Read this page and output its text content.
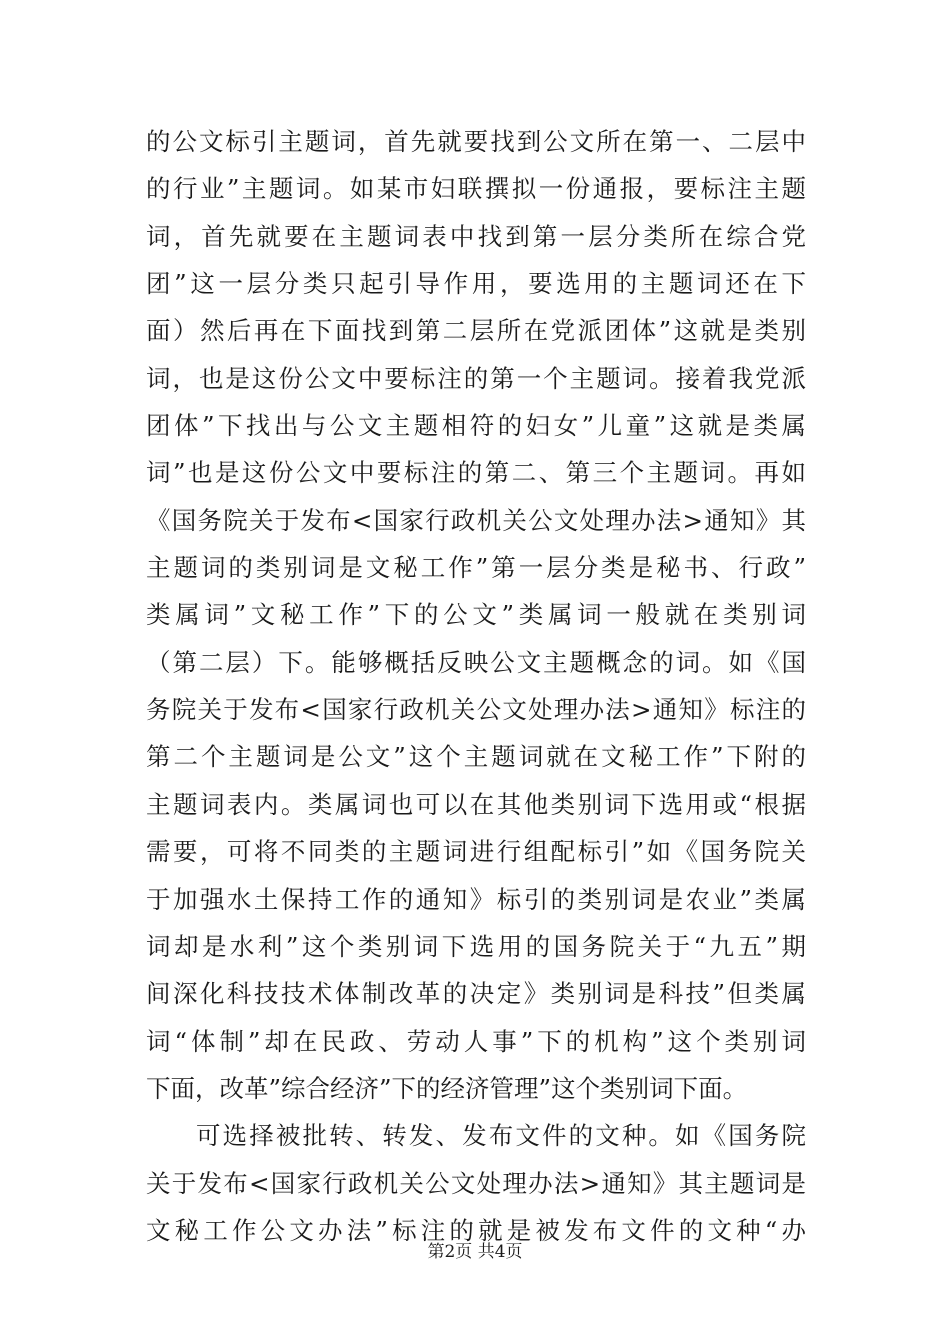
的公文标引主题词，首先就要找到公文所在第一、二层中
的行业”主题词。如某市妇联撰拟一份通报，要标注主题
词，首先就要在主题词表中找到第一层分类所在综合党
团”这一层分类只起引导作用，要选用的主题词还在下
面）然后再在下面找到第二层所在党派团体”这就是类别
词，也是这份公文中要标注的第一个主题词。接着我党派
团体”下找出与公文主题相符的妇女”儿童”这就是类属
词”也是这份公文中要标注的第二、第三个主题词。再如
《国务院关于发布<国家行政机关公文处理办法>通知》其
主题词的类别词是文秘工作”第一层分类是秘书、行政”
类属词”文秘工作”下的公文”类属词一般就在类别词
（第二层）下。能够概括反映公文主题概念的词。如《国
务院关于发布<国家行政机关公文处理办法>通知》标注的
第二个主题词是公文”这个主题词就在文秘工作”下附的
主题词表内。类属词也可以在其他类别词下选用或“根据
需要，可将不同类的主题词进行组配标引”如《国务院关
于加强水土保持工作的通知》标引的类别词是农业”类属
词却是水利”这个类别词下选用的国务院关于“九五”期
间深化科技技术体制改革的决定》类别词是科技”但类属
词“体制”却在民政、劳动人事”下的机构”这个类别词
下面，改革”综合经济”下的经济管理”这个类别词下面。
可选择被批转、转发、发布文件的文种。如《国务院
关于发布<国家行政机关公文处理办法>通知》其主题词是
文秘工作公文办法”标注的就是被发布文件的文种“办
第2页 共4页
